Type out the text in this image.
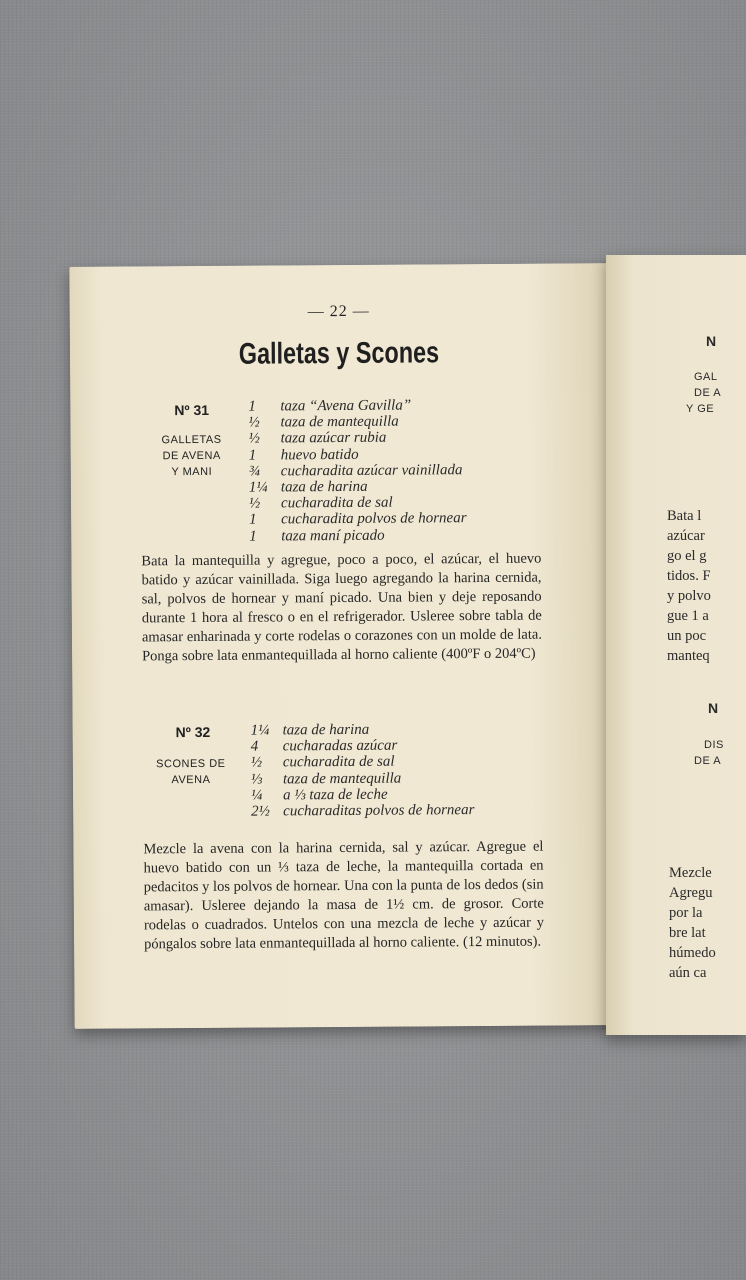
— 22 —
Galletas y Scones
Nº 31
GALLETAS
DE AVENA
Y MANI
1 taza “Avena Gavilla”
½ taza de mantequilla
½ taza azúcar rubia
1 huevo batido
¾ cucharadita azúcar vainillada
1¼ taza de harina
½ cucharadita de sal
1 cucharadita polvos de hornear
1 taza maní picado

Bata la mantequilla y agregue, poco a poco, el azúcar, el huevo batido y azúcar vainillada. Siga luego agregando la harina cernida, sal, polvos de hornear y maní picado. Una bien y deje reposando durante 1 hora al fresco o en el refrigerador. Usleree sobre tabla de amasar enharinada y corte rodelas o corazones con un molde de lata. Ponga sobre lata enmantequillada al horno caliente (400ºF o 204ºC)

Nº 32
SCONES DE
AVENA
1¼ taza de harina
4 cucharadas azúcar
½ cucharadita de sal
⅓ taza de mantequilla
¼ a ⅓ taza de leche
2½ cucharaditas polvos de hornear

Mezcle la avena con la harina cernida, sal y azúcar. Agregue el huevo batido con un ⅓ taza de leche, la mantequilla cortada en pedacitos y los polvos de hornear. Una con la punta de los dedos (sin amasar). Usleree dejando la masa de 1½ cm. de grosor. Corte rodelas o cuadrados. Untelos con una mezcla de leche y azúcar y póngalos sobre lata enmantequillada al horno caliente. (12 minutos).

N
GAL
DE A
Y GE
Bata l
azúcar
go el g
tidos. F
y polvo
gue 1 a
un poc
manteq
N
DIS
DE A
Mezcle
Agregu
por la
bre lat
húmedo
aún ca
